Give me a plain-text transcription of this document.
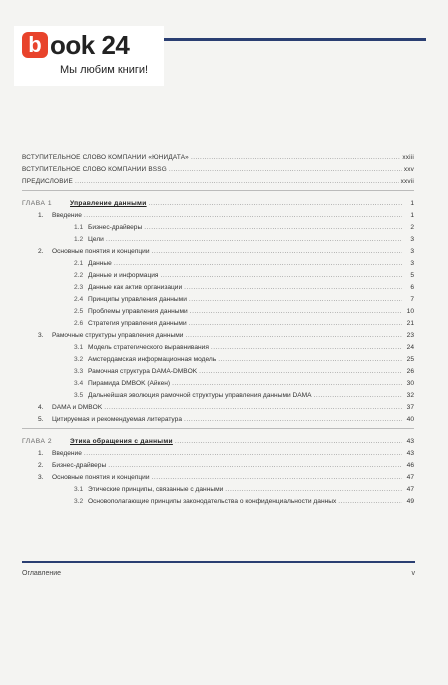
b ook 24
Мы любим книги!
ВСТУПИТЕЛЬНОЕ СЛОВО КОМПАНИИ «ЮНИДАТА» .....	xxiii
ВСТУПИТЕЛЬНОЕ СЛОВО КОМПАНИИ BSSG .....	xxv
ПРЕДИСЛОВИЕ .....	xxvii
ГЛАВА 1	Управление данными .....	1
1.	Введение .....	1
1.1 Бизнес-драйверы .....	2
1.2 Цели .....	3
2.	Основные понятия и концепции .....	3
2.1 Данные .....	3
2.2 Данные и информация .....	5
2.3 Данные как актив организации .....	6
2.4 Принципы управления данными .....	7
2.5 Проблемы управления данными .....	10
2.6 Стратегия управления данными .....	21
3.	Рамочные структуры управления данными .....	23
3.1 Модель стратегического выравнивания .....	24
3.2 Амстердамская информационная модель .....	25
3.3 Рамочная структура DAMA-DMBOK .....	26
3.4 Пирамида DMBOK (Айкен) .....	30
3.5 Дальнейшая эволюция рамочной структуры управления данными DAMA .....	32
4.	DAMA и DMBOK .....	37
5.	Цитируемая и рекомендуемая литература .....	40
ГЛАВА 2	Этика обращения с данными .....	43
1.	Введение .....	43
2.	Бизнес-драйверы .....	46
3.	Основные понятия и концепции .....	47
3.1 Этические принципы, связанные с данными .....	47
3.2 Основополагающие принципы законодательства о конфиденциальности данных .....	49
Оглавление	v
